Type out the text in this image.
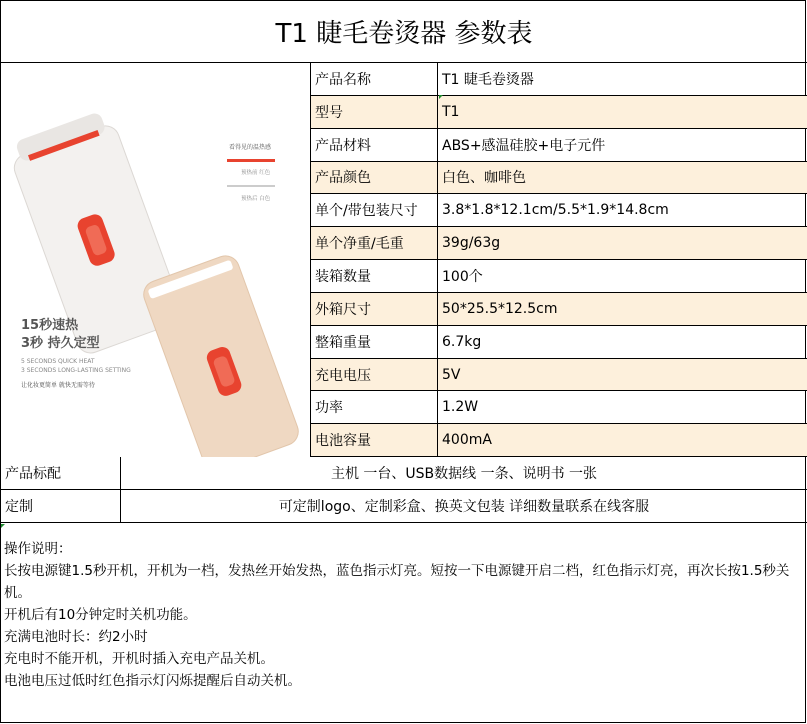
T1 睫毛卷烫器 参数表
看得见的温热感
预热前 红色
预热后 白色
15秒速热
3秒 持久定型
5 SECONDS QUICK HEAT
3 SECONDS LONG-LASTING SETTING
让化妆更简单 就快无需等待
产品名称	T1 睫毛卷烫器
型号	T1
产品材料	ABS+感温硅胶+电子元件
产品颜色	白色、咖啡色
单个/带包装尺寸	3.8*1.8*12.1cm/5.5*1.9*14.8cm
单个净重/毛重	39g/63g
装箱数量	100个
外箱尺寸	50*25.5*12.5cm
整箱重量	6.7kg
充电电压	5V
功率	1.2W
电池容量	400mA
产品标配	主机 一台、USB数据线 一条、说明书 一张
定制	可定制logo、定制彩盒、换英文包装 详细数量联系在线客服

操作说明：

长按电源键1.5秒开机，开机为一档，发热丝开始发热，蓝色指示灯亮。短按一下电源键开启二档，红色指示灯亮，再次长按1.5秒关机。

开机后有10分钟定时关机功能。

充满电池时长：约2小时

充电时不能开机，开机时插入充电产品关机。

电池电压过低时红色指示灯闪烁提醒后自动关机。
